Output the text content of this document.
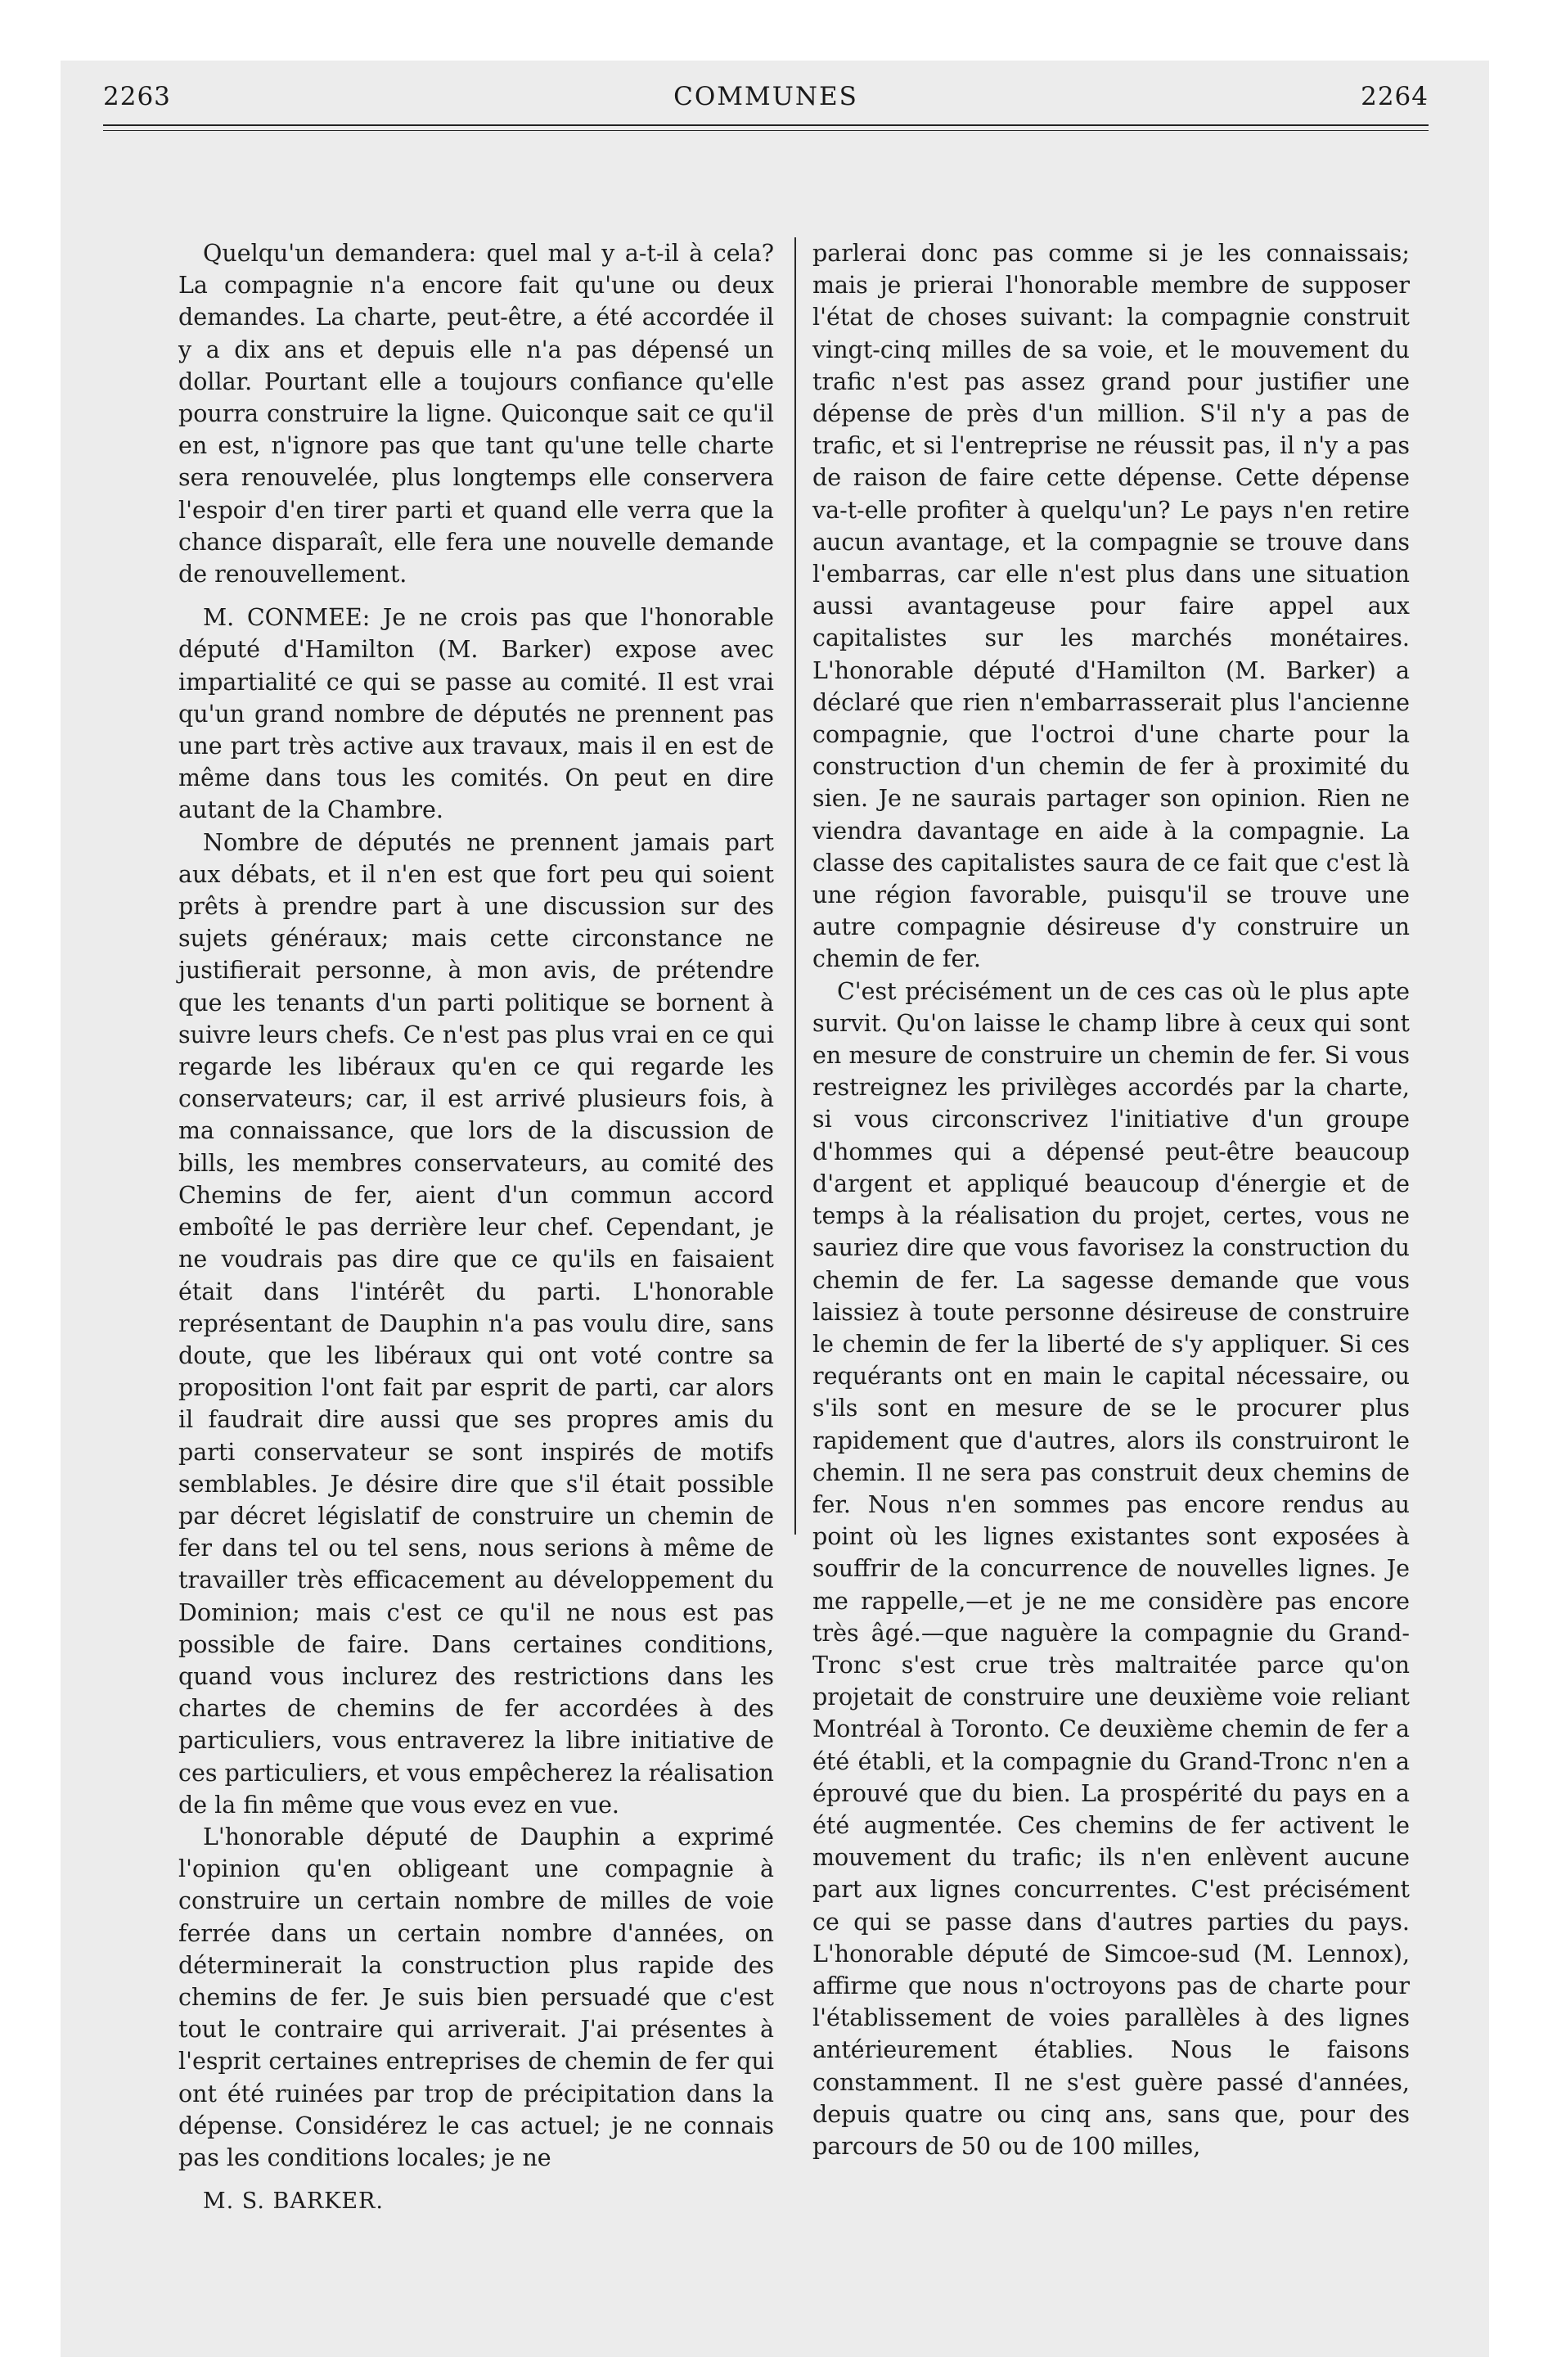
2263	COMMUNES	2264

Quelqu'un demandera: quel mal y a-t-il à cela? La compagnie n'a encore fait qu'une ou deux demandes. La charte, peut-être, a été accordée il y a dix ans et depuis elle n'a pas dépensé un dollar. Pourtant elle a toujours confiance qu'elle pourra construire la ligne. Quiconque sait ce qu'il en est, n'ignore pas que tant qu'une telle charte sera renouvelée, plus longtemps elle conservera l'espoir d'en tirer parti et quand elle verra que la chance disparaît, elle fera une nouvelle demande de renouvellement.

M. CONMEE: Je ne crois pas que l'honorable député d'Hamilton (M. Barker) expose avec impartialité ce qui se passe au comité. Il est vrai qu'un grand nombre de députés ne prennent pas une part très active aux travaux, mais il en est de même dans tous les comités. On peut en dire autant de la Chambre.

Nombre de députés ne prennent jamais part aux débats, et il n'en est que fort peu qui soient prêts à prendre part à une discussion sur des sujets généraux; mais cette circonstance ne justifierait personne, à mon avis, de prétendre que les tenants d'un parti politique se bornent à suivre leurs chefs. Ce n'est pas plus vrai en ce qui regarde les libéraux qu'en ce qui regarde les conservateurs; car, il est arrivé plusieurs fois, à ma connaissance, que lors de la discussion de bills, les membres conservateurs, au comité des Chemins de fer, aient d'un commun accord emboîté le pas derrière leur chef. Cependant, je ne voudrais pas dire que ce qu'ils en faisaient était dans l'intérêt du parti. L'honorable représentant de Dauphin n'a pas voulu dire, sans doute, que les libéraux qui ont voté contre sa proposition l'ont fait par esprit de parti, car alors il faudrait dire aussi que ses propres amis du parti conservateur se sont inspirés de motifs semblables. Je désire dire que s'il était possible par décret législatif de construire un chemin de fer dans tel ou tel sens, nous serions à même de travailler très efficacement au développement du Dominion; mais c'est ce qu'il ne nous est pas possible de faire. Dans certaines conditions, quand vous inclurez des restrictions dans les chartes de chemins de fer accordées à des particuliers, vous entraverez la libre initiative de ces particuliers, et vous empêcherez la réalisation de la fin même que vous evez en vue.

L'honorable député de Dauphin a exprimé l'opinion qu'en obligeant une compagnie à construire un certain nombre de milles de voie ferrée dans un certain nombre d'années, on déterminerait la construction plus rapide des chemins de fer. Je suis bien persuadé que c'est tout le contraire qui arriverait. J'ai présentes à l'esprit certaines entreprises de chemin de fer qui ont été ruinées par trop de précipitation dans la dépense. Considérez le cas actuel; je ne connais pas les conditions locales; je ne

M. S. BARKER.

parlerai donc pas comme si je les connaissais; mais je prierai l'honorable membre de supposer l'état de choses suivant: la compagnie construit vingt-cinq milles de sa voie, et le mouvement du trafic n'est pas assez grand pour justifier une dépense de près d'un million. S'il n'y a pas de trafic, et si l'entreprise ne réussit pas, il n'y a pas de raison de faire cette dépense. Cette dépense va-t-elle profiter à quelqu'un? Le pays n'en retire aucun avantage, et la compagnie se trouve dans l'embarras, car elle n'est plus dans une situation aussi avantageuse pour faire appel aux capitalistes sur les marchés monétaires. L'honorable député d'Hamilton (M. Barker) a déclaré que rien n'embarrasserait plus l'ancienne compagnie, que l'octroi d'une charte pour la construction d'un chemin de fer à proximité du sien. Je ne saurais partager son opinion. Rien ne viendra davantage en aide à la compagnie. La classe des capitalistes saura de ce fait que c'est là une région favorable, puisqu'il se trouve une autre compagnie désireuse d'y construire un chemin de fer.

C'est précisément un de ces cas où le plus apte survit. Qu'on laisse le champ libre à ceux qui sont en mesure de construire un chemin de fer. Si vous restreignez les privilèges accordés par la charte, si vous circonscrivez l'initiative d'un groupe d'hommes qui a dépensé peut-être beaucoup d'argent et appliqué beaucoup d'énergie et de temps à la réalisation du projet, certes, vous ne sauriez dire que vous favorisez la construction du chemin de fer. La sagesse demande que vous laissiez à toute personne désireuse de construire le chemin de fer la liberté de s'y appliquer. Si ces requérants ont en main le capital nécessaire, ou s'ils sont en mesure de se le procurer plus rapidement que d'autres, alors ils construiront le chemin. Il ne sera pas construit deux chemins de fer. Nous n'en sommes pas encore rendus au point où les lignes existantes sont exposées à souffrir de la concurrence de nouvelles lignes. Je me rappelle,—et je ne me considère pas encore très âgé.—que naguère la compagnie du Grand-Tronc s'est crue très maltraitée parce qu'on projetait de construire une deuxième voie reliant Montréal à Toronto. Ce deuxième chemin de fer a été établi, et la compagnie du Grand-Tronc n'en a éprouvé que du bien. La prospérité du pays en a été augmentée. Ces chemins de fer activent le mouvement du trafic; ils n'en enlèvent aucune part aux lignes concurrentes. C'est précisément ce qui se passe dans d'autres parties du pays. L'honorable député de Simcoe-sud (M. Lennox), affirme que nous n'octroyons pas de charte pour l'établissement de voies parallèles à des lignes antérieurement établies. Nous le faisons constamment. Il ne s'est guère passé d'années, depuis quatre ou cinq ans, sans que, pour des parcours de 50 ou de 100 milles,
